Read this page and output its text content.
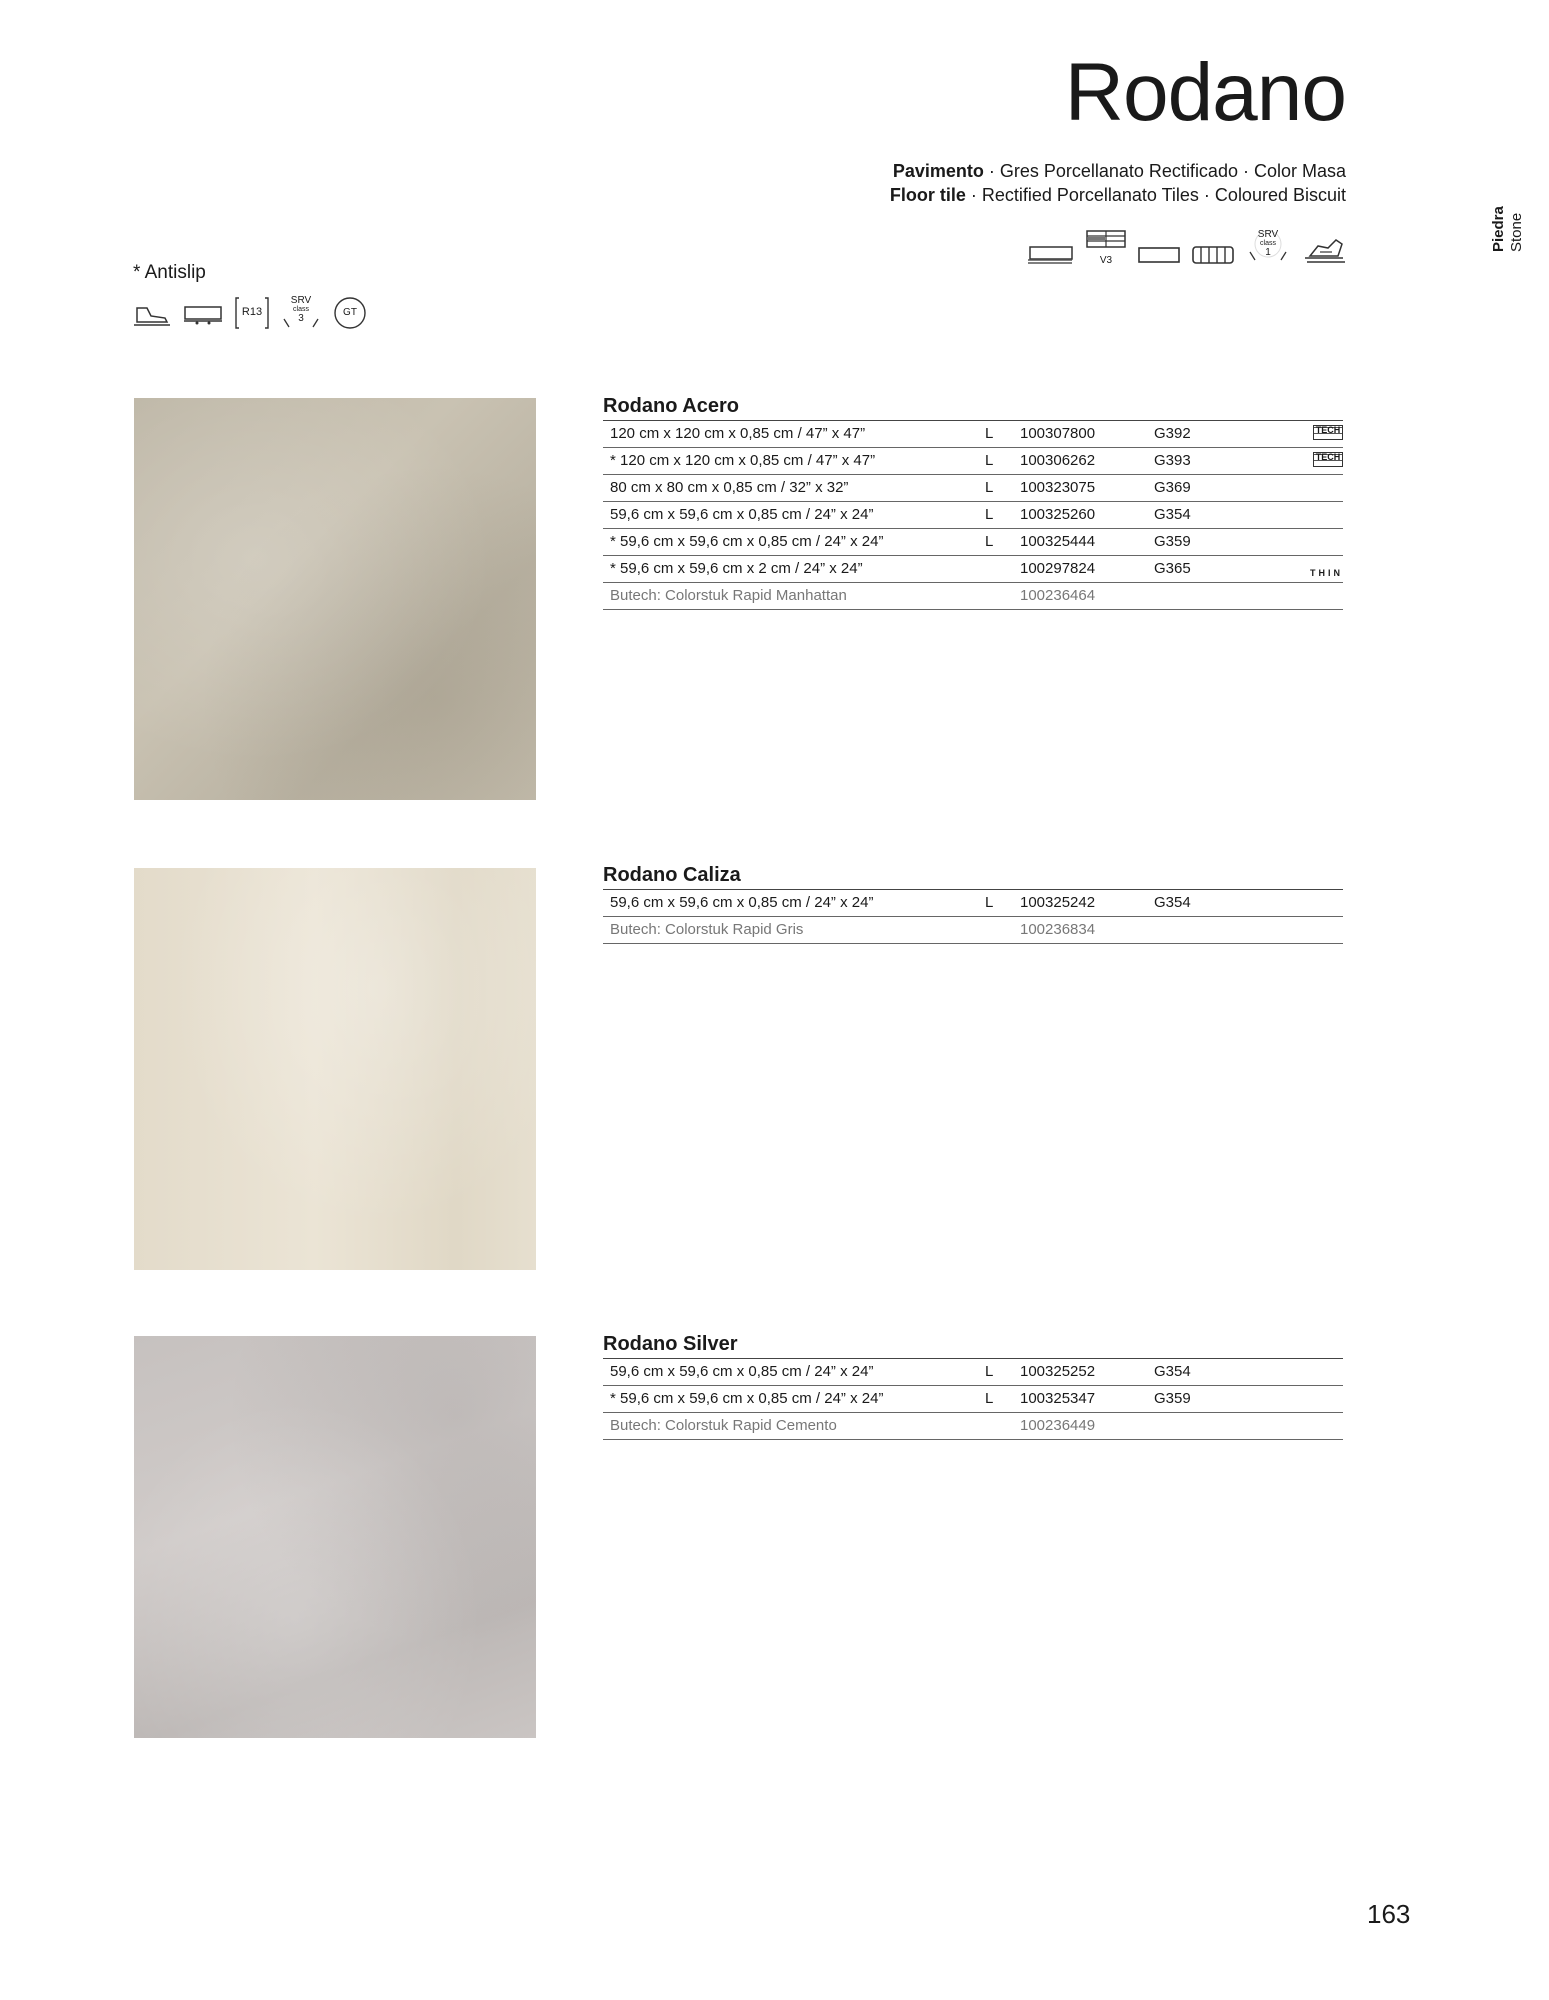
Rodano
Pavimento · Gres Porcellanato Rectificado · Color Masa
Floor tile · Rectified Porcellanato Tiles · Coloured Biscuit
Piedra Stone
V3
SRV
class
1
* Antislip
R13
SRV
class
3
GT
Rodano Acero
120 cm x 120 cm x 0,85 cm / 47” x 47”	L 100307800	G392	TECH
* 120 cm x 120 cm x 0,85 cm / 47” x 47”	L 100306262	G393	TECH
80 cm x 80 cm x 0,85 cm / 32” x 32”	L 100323075	G369
59,6 cm x 59,6 cm x 0,85 cm / 24” x 24”	L 100325260	G354
* 59,6 cm x 59,6 cm x 0,85 cm / 24” x 24”	L 100325444	G359
* 59,6 cm x 59,6 cm x 2 cm / 24” x 24”	100297824	G365	THIN
Butech: Colorstuk Rapid Manhattan	100236464
Rodano Caliza
59,6 cm x 59,6 cm x 0,85 cm / 24” x 24”	L 100325242	G354
Butech: Colorstuk Rapid Gris	100236834
Rodano Silver
59,6 cm x 59,6 cm x 0,85 cm / 24” x 24”	L 100325252	G354
* 59,6 cm x 59,6 cm x 0,85 cm / 24” x 24”	L 100325347	G359
Butech: Colorstuk Rapid Cemento	100236449
163
